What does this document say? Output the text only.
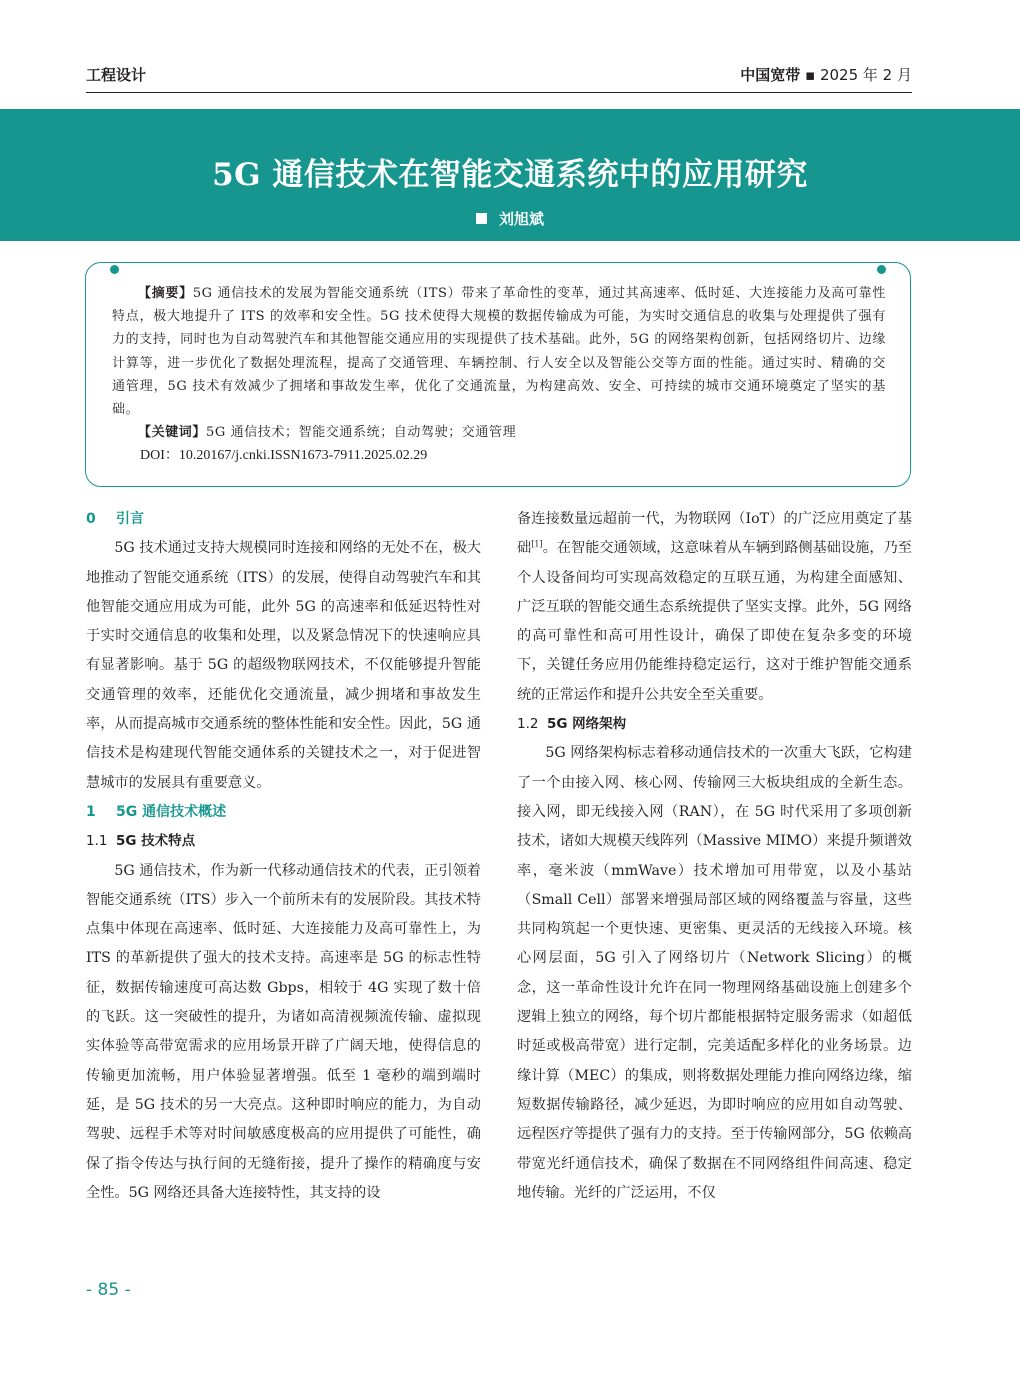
工程设计	中国宽带 ▪ 2025 年 2 月
5G 通信技术在智能交通系统中的应用研究
刘旭斌

【摘要】5G 通信技术的发展为智能交通系统（ITS）带来了革命性的变革，通过其高速率、低时延、大连接能力及高可靠性特点，极大地提升了 ITS 的效率和安全性。5G 技术使得大规模的数据传输成为可能，为实时交通信息的收集与处理提供了强有力的支持，同时也为自动驾驶汽车和其他智能交通应用的实现提供了技术基础。此外，5G 的网络架构创新，包括网络切片、边缘计算等，进一步优化了数据处理流程，提高了交通管理、车辆控制、行人安全以及智能公交等方面的性能。通过实时、精确的交通管理，5G 技术有效减少了拥堵和事故发生率，优化了交通流量，为构建高效、安全、可持续的城市交通环境奠定了坚实的基础。

【关键词】5G 通信技术；智能交通系统；自动驾驶；交通管理

DOI：10.20167/j.cnki.ISSN1673-7911.2025.02.29

0 引言

5G 技术通过支持大规模同时连接和网络的无处不在，极大地推动了智能交通系统（ITS）的发展，使得自动驾驶汽车和其他智能交通应用成为可能，此外 5G 的高速率和低延迟特性对于实时交通信息的收集和处理，以及紧急情况下的快速响应具有显著影响。基于 5G 的超级物联网技术，不仅能够提升智能交通管理的效率，还能优化交通流量，减少拥堵和事故发生率，从而提高城市交通系统的整体性能和安全性。因此，5G 通信技术是构建现代智能交通体系的关键技术之一，对于促进智慧城市的发展具有重要意义。

1 5G 通信技术概述

1.1 5G 技术特点

5G 通信技术，作为新一代移动通信技术的代表，正引领着智能交通系统（ITS）步入一个前所未有的发展阶段。其技术特点集中体现在高速率、低时延、大连接能力及高可靠性上，为 ITS 的革新提供了强大的技术支持。高速率是 5G 的标志性特征，数据传输速度可高达数 Gbps，相较于 4G 实现了数十倍的飞跃。这一突破性的提升，为诸如高清视频流传输、虚拟现实体验等高带宽需求的应用场景开辟了广阔天地，使得信息的传输更加流畅，用户体验显著增强。低至 1 毫秒的端到端时延，是 5G 技术的另一大亮点。这种即时响应的能力，为自动驾驶、远程手术等对时间敏感度极高的应用提供了可能性，确保了指令传达与执行间的无缝衔接，提升了操作的精确度与安全性。5G 网络还具备大连接特性，其支持的设

备连接数量远超前一代，为物联网（IoT）的广泛应用奠定了基础[1]。在智能交通领域，这意味着从车辆到路侧基础设施，乃至个人设备间均可实现高效稳定的互联互通，为构建全面感知、广泛互联的智能交通生态系统提供了坚实支撑。此外，5G 网络的高可靠性和高可用性设计，确保了即使在复杂多变的环境下，关键任务应用仍能维持稳定运行，这对于维护智能交通系统的正常运作和提升公共安全至关重要。

1.2 5G 网络架构

5G 网络架构标志着移动通信技术的一次重大飞跃，它构建了一个由接入网、核心网、传输网三大板块组成的全新生态。接入网，即无线接入网（RAN），在 5G 时代采用了多项创新技术，诸如大规模天线阵列（Massive MIMO）来提升频谱效率，毫米波（mmWave）技术增加可用带宽，以及小基站（Small Cell）部署来增强局部区域的网络覆盖与容量，这些共同构筑起一个更快速、更密集、更灵活的无线接入环境。核心网层面，5G 引入了网络切片（Network Slicing）的概念，这一革命性设计允许在同一物理网络基础设施上创建多个逻辑上独立的网络，每个切片都能根据特定服务需求（如超低时延或极高带宽）进行定制，完美适配多样化的业务场景。边缘计算（MEC）的集成，则将数据处理能力推向网络边缘，缩短数据传输路径，减少延迟，为即时响应的应用如自动驾驶、远程医疗等提供了强有力的支持。至于传输网部分，5G 依赖高带宽光纤通信技术，确保了数据在不同网络组件间高速、稳定地传输。光纤的广泛运用，不仅

- 85 -
